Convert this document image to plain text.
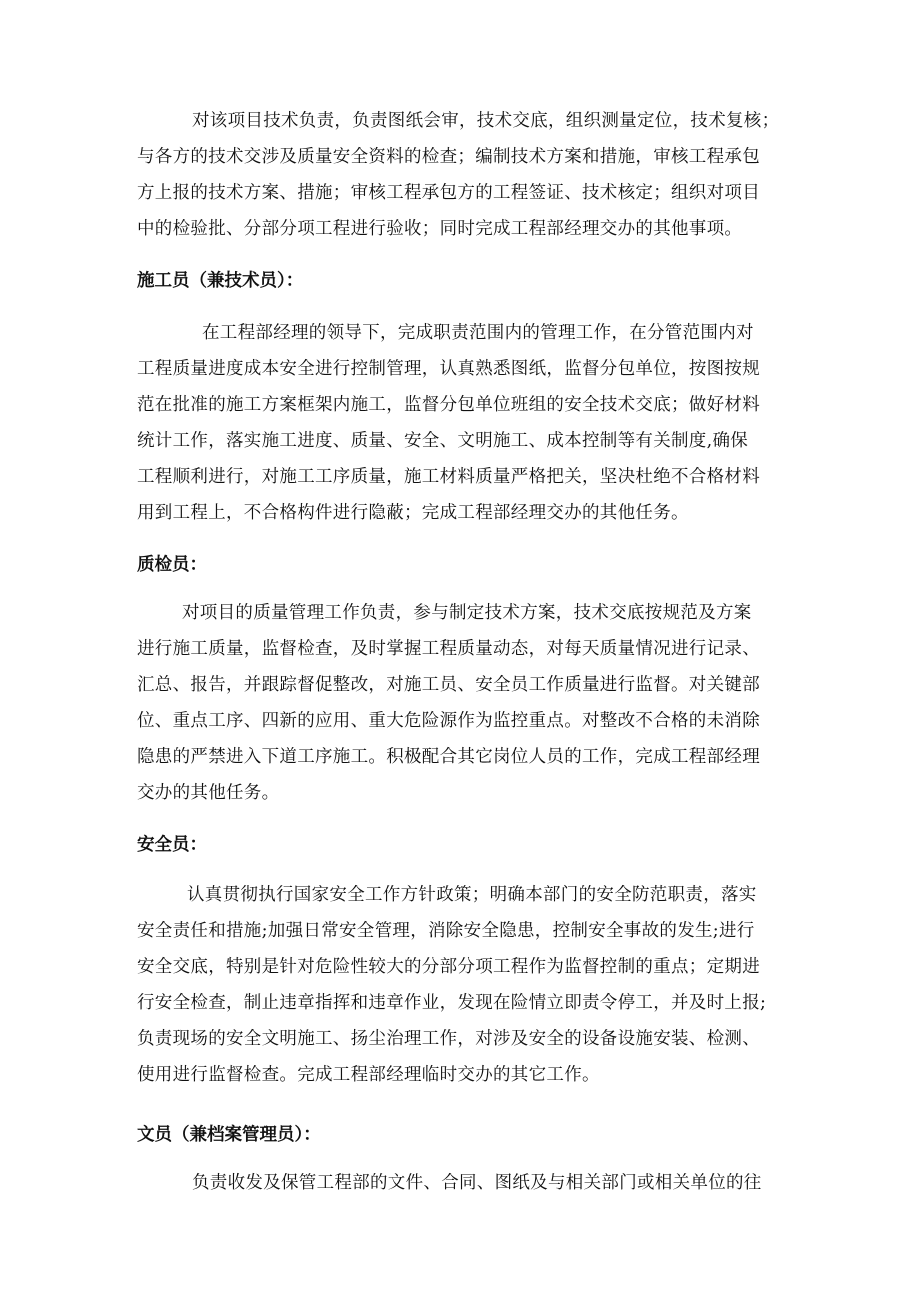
对该项目技术负责，负责图纸会审，技术交底，组织测量定位，技术复核；

与各方的技术交涉及质量安全资料的检查；编制技术方案和措施，审核工程承包

方上报的技术方案、措施；审核工程承包方的工程签证、技术核定；组织对项目

中的检验批、分部分项工程进行验收；同时完成工程部经理交办的其他事项。

施工员（兼技术员）：

在工程部经理的领导下，完成职责范围内的管理工作，在分管范围内对

工程质量进度成本安全进行控制管理，认真熟悉图纸，监督分包单位，按图按规

范在批准的施工方案框架内施工，监督分包单位班组的安全技术交底；做好材料

统计工作，落实施工进度、质量、安全、文明施工、成本控制等有关制度,确保

工程顺利进行，对施工工序质量，施工材料质量严格把关，坚决杜绝不合格材料

用到工程上，不合格构件进行隐蔽；完成工程部经理交办的其他任务。

质检员：

对项目的质量管理工作负责，参与制定技术方案，技术交底按规范及方案

进行施工质量，监督检查，及时掌握工程质量动态，对每天质量情况进行记录、

汇总、报告，并跟踪督促整改，对施工员、安全员工作质量进行监督。对关键部

位、重点工序、四新的应用、重大危险源作为监控重点。对整改不合格的未消除

隐患的严禁进入下道工序施工。积极配合其它岗位人员的工作，完成工程部经理

交办的其他任务。

安全员：

认真贯彻执行国家安全工作方针政策；明确本部门的安全防范职责，落实

安全责任和措施;加强日常安全管理，消除安全隐患，控制安全事故的发生;进行

安全交底，特别是针对危险性较大的分部分项工程作为监督控制的重点；定期进

行安全检查，制止违章指挥和违章作业，发现在险情立即责令停工，并及时上报;

负责现场的安全文明施工、扬尘治理工作，对涉及安全的设备设施安装、检测、

使用进行监督检查。完成工程部经理临时交办的其它工作。

文员（兼档案管理员）：

负责收发及保管工程部的文件、合同、图纸及与相关部门或相关单位的往
